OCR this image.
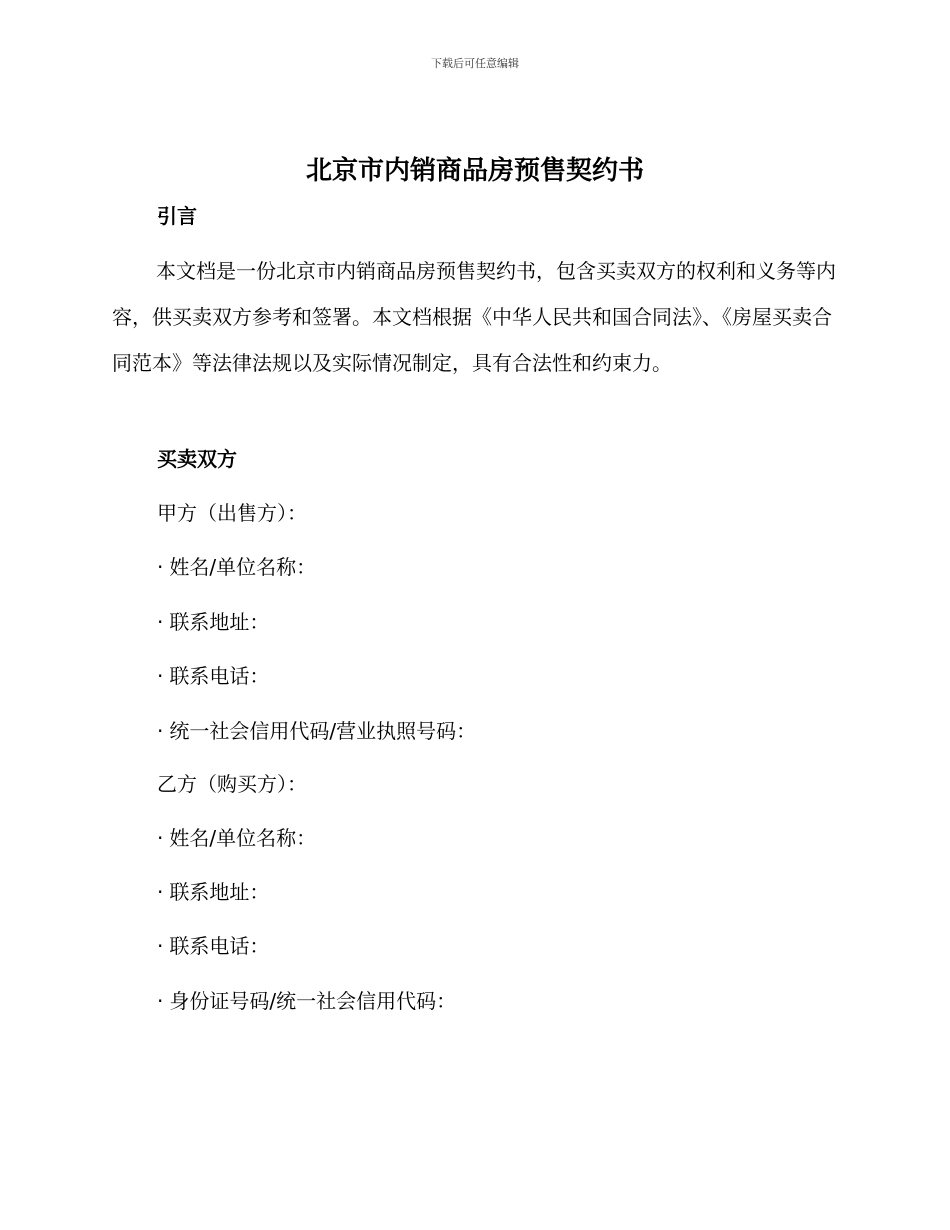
下载后可任意编辑
北京市内销商品房预售契约书
引言

本文档是一份北京市内销商品房预售契约书，包含买卖双方的权利和义务等内容，供买卖双方参考和签署。本文档根据《中华人民共和国合同法》、《房屋买卖合同范本》等法律法规以及实际情况制定，具有合法性和约束力。

买卖双方

甲方（出售方）：

· 姓名/单位名称：

· 联系地址：

· 联系电话：

· 统一社会信用代码/营业执照号码：

乙方（购买方）：

· 姓名/单位名称：

· 联系地址：

· 联系电话：

· 身份证号码/统一社会信用代码：
